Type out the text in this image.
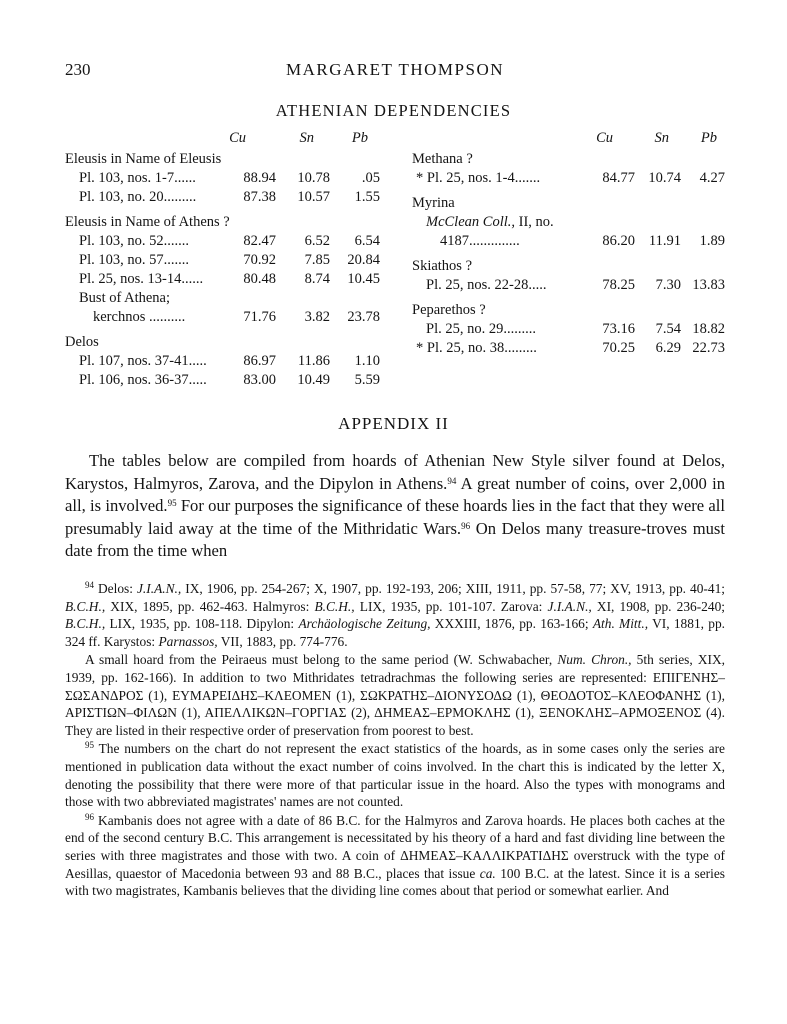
230	MARGARET THOMPSON
ATHENIAN DEPENDENCIES
Cu	Sn	Pb
Eleusis in Name of Eleusis
Pl. 103, nos. 1-7......	88.94 10.78 .05
Pl. 103, no. 20.........	87.38 10.57 1.55
Eleusis in Name of Athens ?
Pl. 103, no. 52.......	82.47 6.52 6.54
Pl. 103, no. 57.......	70.92 7.85 20.84
Pl. 25, nos. 13-14......	80.48 8.74 10.45
Bust of Athena;
kerchnos ..........	71.76 3.82 23.78
Delos
Pl. 107, nos. 37-41.....	86.97 11.86 1.10
Pl. 106, nos. 36-37.....	83.00 10.49 5.59
Cu	Sn Pb
Methana ?
* Pl. 25, nos. 1-4.......	84.77 10.74 4.27
Myrina
McClean Coll., II, no.
4187..............	86.20 11.91 1.89
Skiathos ?
Pl. 25, nos. 22-28.....	78.25 7.30 13.83
Peparethos ?
Pl. 25, no. 29.........	73.16 7.54 18.82
* Pl. 25, no. 38.........	70.25 6.29 22.73
APPENDIX II

The tables below are compiled from hoards of Athenian New Style silver found at Delos, Karystos, Halmyros, Zarova, and the Dipylon in Athens.$^{94}$ A great number of coins, over 2,000 in all, is involved.$^{95}$ For our purposes the significance of these hoards lies in the fact that they were all presumably laid away at the time of the Mithridatic Wars.$^{96}$ On Delos many treasure-troves must date from the time when

$^{94}$ Delos: J.I.A.N., IX, 1906, pp. 254-267; X, 1907, pp. 192-193, 206; XIII, 1911, pp. 57-58, 77; XV, 1913, pp. 40-41; B.C.H., XIX, 1895, pp. 462-463. Halmyros: B.C.H., LIX, 1935, pp. 101-107. Zarova: J.I.A.N., XI, 1908, pp. 236-240; B.C.H., LIX, 1935, pp. 108-118. Dipylon: Archäologische Zeitung, XXXIII, 1876, pp. 163-166; Ath. Mitt., VI, 1881, pp. 324 ff. Karystos: Parnassos, VII, 1883, pp. 774-776.

A small hoard from the Peiraeus must belong to the same period (W. Schwabacher, Num. Chron., 5th series, XIX, 1939, pp. 162-166). In addition to two Mithridates tetradrachmas the following series are represented: ΕΠΙΓΕΝΗΣ–ΣΩΣΑΝΔΡΟΣ (1), ΕΥΜΑΡΕΙΔΗΣ–ΚΛΕΟΜΕΝ (1), ΣΩΚΡΑΤΗΣ–ΔΙΟΝΥΣΟΔΩ (1), ΘΕΟΔΟΤΟΣ–ΚΛΕΟΦΑΝΗΣ (1), ΑΡΙΣΤΙΩΝ–ΦΙΛΩΝ (1), ΑΠΕΛΛΙΚΩΝ–ΓΟΡΓΙΑΣ (2), ΔΗΜΕΑΣ–ΕΡΜΟΚΛΗΣ (1), ΞΕΝΟΚΛΗΣ–ΑΡΜΟΞΕΝΟΣ (4). They are listed in their respective order of preservation from poorest to best.

$^{95}$ The numbers on the chart do not represent the exact statistics of the hoards, as in some cases only the series are mentioned in publication data without the exact number of coins involved. In the chart this is indicated by the letter X, denoting the possibility that there were more of that particular issue in the hoard. Also the types with monograms and those with two abbreviated magistrates' names are not counted.

$^{96}$ Kambanis does not agree with a date of 86 B.C. for the Halmyros and Zarova hoards. He places both caches at the end of the second century B.C. This arrangement is necessitated by his theory of a hard and fast dividing line between the series with three magistrates and those with two. A coin of ΔΗΜΕΑΣ–ΚΑΛΛΙΚΡΑΤΙΔΗΣ overstruck with the type of Aesillas, quaestor of Macedonia between 93 and 88 B.C., places that issue ca. 100 B.C. at the latest. Since it is a series with two magistrates, Kambanis believes that the dividing line comes about that period or somewhat earlier. And
